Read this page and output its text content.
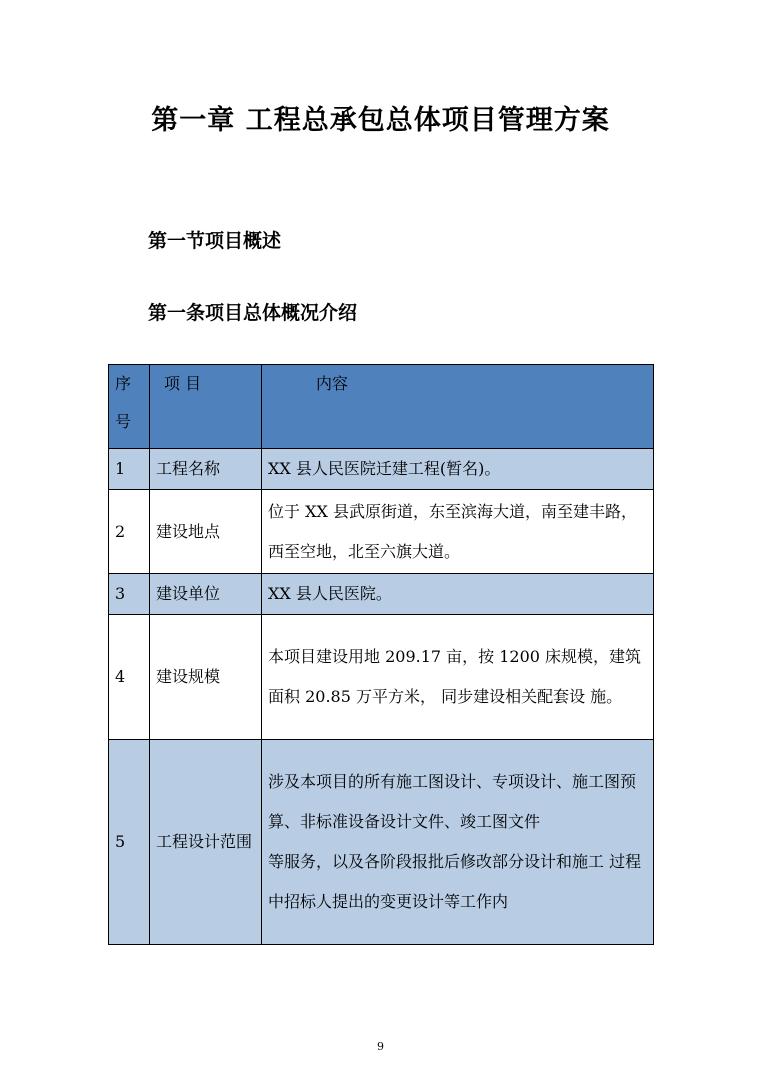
第一章 工程总承包总体项目管理方案
第一节项目概述
第一条项目总体概况介绍
序号	项 目	内容
1	工程名称	XX 县人民医院迁建工程(暂名)。
2	建设地点	位于 XX 县武原街道，东至滨海大道，南至建丰路，西至空地，北至六旗大道。
3	建设单位	XX 县人民医院。
4	建设规模	本项目建设用地 209.17 亩，按 1200 床规模，建筑面积 20.85 万平方米， 同步建设相关配套设 施。
5	工程设计范围	涉及本项目的所有施工图设计、专项设计、施工图预算、非标准设备设计文件、竣工图文件
等服务，以及各阶段报批后修改部分设计和施工 过程中招标人提出的变更设计等工作内
9
